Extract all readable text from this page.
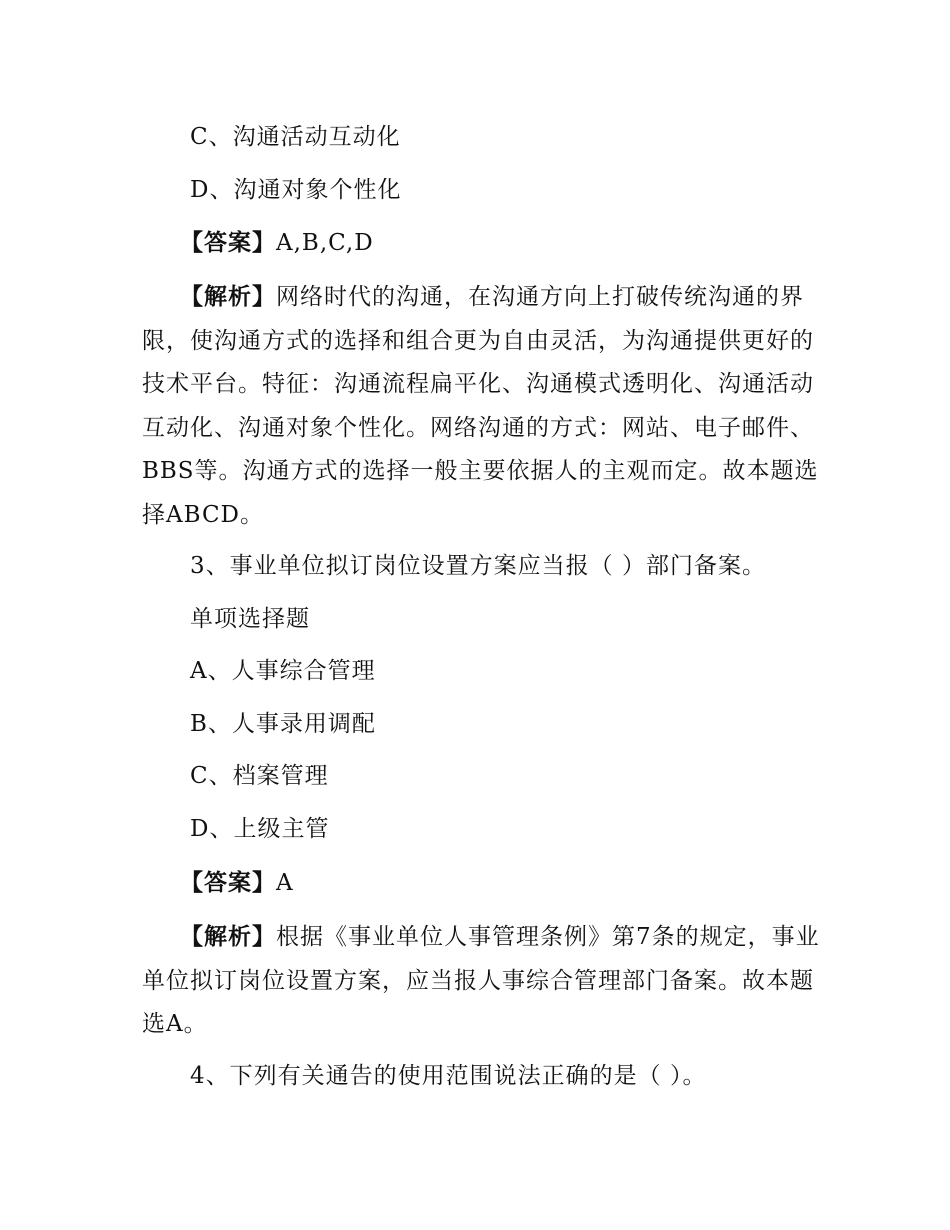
C、沟通活动互动化
D、沟通对象个性化
【答案】A,B,C,D
【解析】网络时代的沟通，在沟通方向上打破传统沟通的界限，使沟通方式的选择和组合更为自由灵活，为沟通提供更好的技术平台。特征：沟通流程扁平化、沟通模式透明化、沟通活动互动化、沟通对象个性化。网络沟通的方式：网站、电子邮件、BBS等。沟通方式的选择一般主要依据人的主观而定。故本题选择ABCD。
3、事业单位拟订岗位设置方案应当报（ ）部门备案。
单项选择题
A、人事综合管理
B、人事录用调配
C、档案管理
D、上级主管
【答案】A
【解析】根据《事业单位人事管理条例》第7条的规定，事业单位拟订岗位设置方案，应当报人事综合管理部门备案。故本题选A。
4、下列有关通告的使用范围说法正确的是（ ）。
